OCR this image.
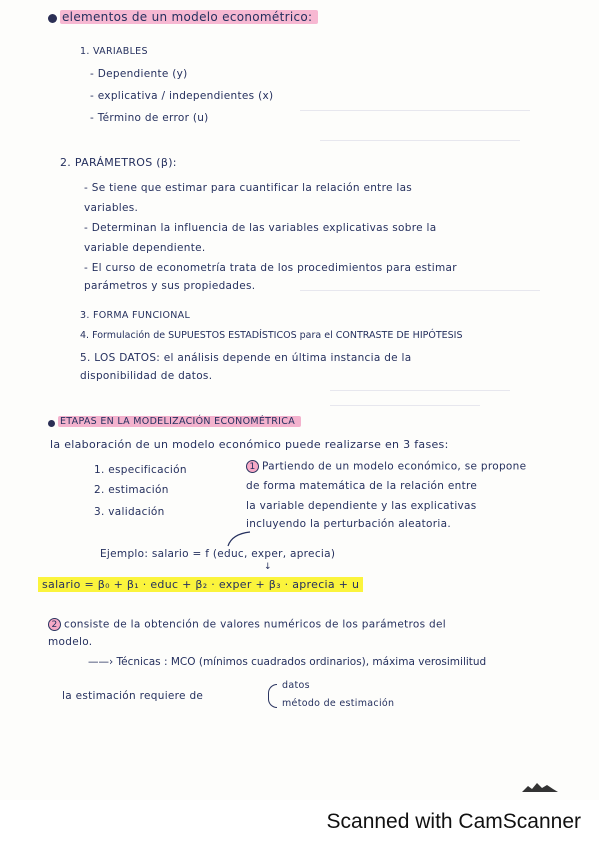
elementos de un modelo econométrico:
1. VARIABLES
- Dependiente (y)
- explicativa / independientes (x)
- Término de error (u)
2. PARÁMETROS (β):
- Se tiene que estimar para cuantificar la relación entre las
variables.
- Determinan la influencia de las variables explicativas sobre la
variable dependiente.
- El curso de econometría trata de los procedimientos para estimar
parámetros y sus propiedades.
3. FORMA FUNCIONAL
4. Formulación de SUPUESTOS ESTADÍSTICOS para el CONTRASTE DE HIPÓTESIS
5. LOS DATOS: el análisis depende en última instancia de la
disponibilidad de datos.
ETAPAS EN LA MODELIZACIÓN ECONOMÉTRICA
la elaboración de un modelo económico puede realizarse en 3 fases:
1. especificación
2. estimación
3. validación
1 Partiendo de un modelo económico, se propone
de forma matemática de la relación entre
la variable dependiente y las explicativas
incluyendo la perturbación aleatoria.
Ejemplo: salario = f (educ, exper, aprecia)
↓
salario = β₀ + β₁ · educ + β₂ · exper + β₃ · aprecia + u
2 consiste de la obtención de valores numéricos de los parámetros del
modelo.
——› Técnicas : MCO (mínimos cuadrados ordinarios), máxima verosimilitud
la estimación requiere de
datos
método de estimación
Scanned with CamScanner
